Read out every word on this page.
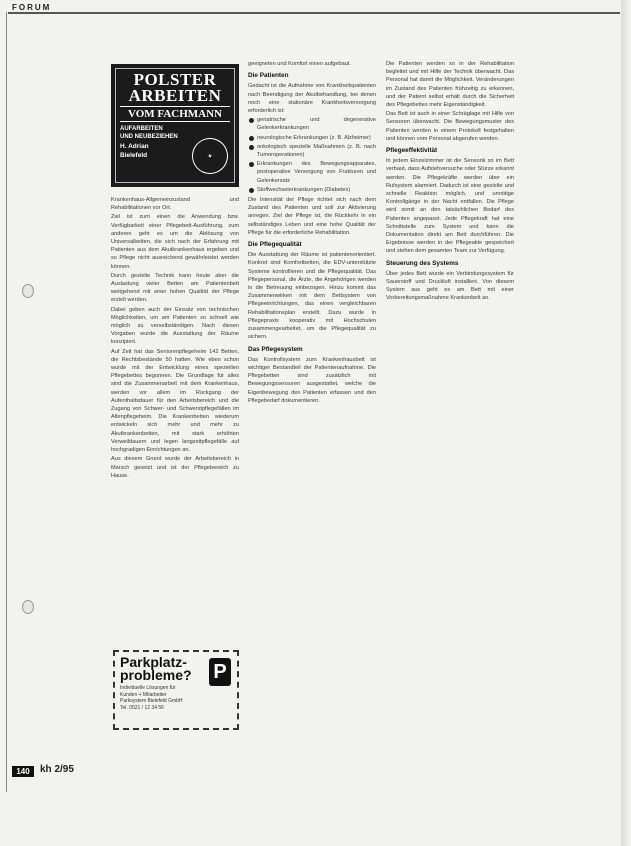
FORUM
POLSTER
ARBEITEN
VOM FACHMANN
AUFARBEITEN
UND NEUBEZIEHEN
H. Adrian
Bielefeld	✦

Krankenhaus-Allgemeinzustand und Rehabilitationen vor Ort.

Ziel ist zum einen die Anwendung bzw. Verfügbarkeit einer Pflegebett-Ausführung, zum anderen geht es um die Ablösung von Universalbetten, die sich nach der Erfahrung mit Patienten aus dem Akutkrankenhaus ergeben und so Pflege nicht ausreichend gewährleistet werden können.

Durch gezielte Technik kann heute aber die Auslastung vieler Betten am Patientenbett weitgehend mit einer hohen Qualität der Pflege erzielt werden.

Dabei geben auch der Einsatz von technischen Möglichkeiten, um am Patienten so schnell wie möglich zu verselbständigen. Nach diesen Vorgaben wurde die Ausstattung der Räume konzipiert.

Auf Zeit hat das Seniorenpflegeheim 142 Betten, die Rechtsbestände 50 hatten. Wie eben schon wurde mit der Entwicklung eines speziellen Pflegebettes begonnen. Die Grundlage für alles sind die Zusammenarbeit mit dem Krankenhaus, werden vor allem im Rückgang der Aufenthaltsdauer für den Arbeitsbereich und die Zugang von Schwer- und Schwerstpflegefällen im Altenpflegeheim. Die Krankenbetten wiederum entwickeln sich mehr und mehr zu Akutkrankenbetten, mit stark erhöhten Verweildauern und legen langzeitpflegefälle auf hochgradigen Einrichtungen an.

Aus diesem Grund wurde der Arbeitsbereich in Marsch gesetzt und ist der Pflegebereich zu Hause.

Parkplatz-
probleme?	P
Individuelle Lösungen für
Kunden + Mitarbeiter
Parksystem Bielefeld GmbH
Tel. 0521 / 12 34 56

geeigneten und Komfort einen aufgebaut.

Die Patienten

Gedacht ist die Aufnahme von Krankheitspatienten nach Beendigung der Akutbehandlung, bei denen noch eine stationäre Krankheitsversorgung erforderlich ist:

geriatrische und degenerative Gelenkerkrankungen
neurologische Erkrankungen (z. B. Alzheimer)
onkologisch spezielle Maßnahmen (z. B. nach Tumoroperationen)
Erkrankungen des Bewegungsapparates, postoperative Versorgung von Frakturen und Gelenkersatz
Stoffwechselerkrankungen (Diabetes)

Die Intensität der Pflege richtet sich nach dem Zustand des Patienten und soll zur Aktivierung anregen. Ziel der Pflege ist, die Rückkehr in ein selbständiges Leben und eine hohe Qualität der Pflege für die erforderliche Rehabilitation.

Die Pflegequalität

Die Ausstattung der Räume ist patientenorientiert. Konkret sind Komfortbetten, die EDV-unterstützte Systeme kontrollieren und die Pflegequalität. Das Pflegepersonal, die Ärzte, die Angehörigen werden in die Betreuung einbezogen. Hinzu kommt das Zusammenwirken mit dem Bettsystem von Pflegeeinrichtungen, das einen vergleichbaren Rehabilitationsplan erstellt. Dazu wurde in Pflegepraxis kooperativ mit Hochschulen zusammengearbeitet, um die Pflegequalität zu sichern.

Das Pflegesystem

Das Kontrollsystem zum Krankenhausbett ist wichtiger Bestandteil der Patientenaufnahme. Die Pflegebetten sind zusätzlich mit Bewegungssensoren ausgestattet, welche die Eigenbewegung des Patienten erfassen und den Pflegebedarf dokumentieren.

Die Patienten werden so in der Rehabilitation begleitet und mit Hilfe der Technik überwacht. Das Personal hat damit die Möglichkeit, Veränderungen im Zustand des Patienten frühzeitig zu erkennen, und der Patient selbst erhält durch die Sicherheit des Pflegebettes mehr Eigenständigkeit.

Das Bett ist auch in einer Schräglage mit Hilfe von Sensoren überwacht. Die Bewegungsmuster des Patienten werden in einem Protokoll festgehalten und können vom Personal abgerufen werden.

Pflegeeffektivität

In jedem Einzelzimmer ist die Sensorik so im Bett verbaut, dass Aufstehversuche oder Stürze erkannt werden. Die Pflegekräfte werden über ein Rufsystem alarmiert. Dadurch ist eine gezielte und schnelle Reaktion möglich, und unnötige Kontrollgänge in der Nacht entfallen. Die Pflege wird somit an den tatsächlichen Bedarf des Patienten angepasst. Jede Pflegekraft hat eine Schnittstelle zum System und kann die Dokumentation direkt am Bett durchführen. Die Ergebnisse werden in der Pflegeakte gespeichert und stehen dem gesamten Team zur Verfügung.

Steuerung des Systems

Über jedes Bett wurde ein Verbindungssystem für Sauerstoff und Druckluft installiert. Von diesem System aus geht es am Bett mit einer Vorbereitungsmaßnahme Krankenbett an.

140	kh 2/95
